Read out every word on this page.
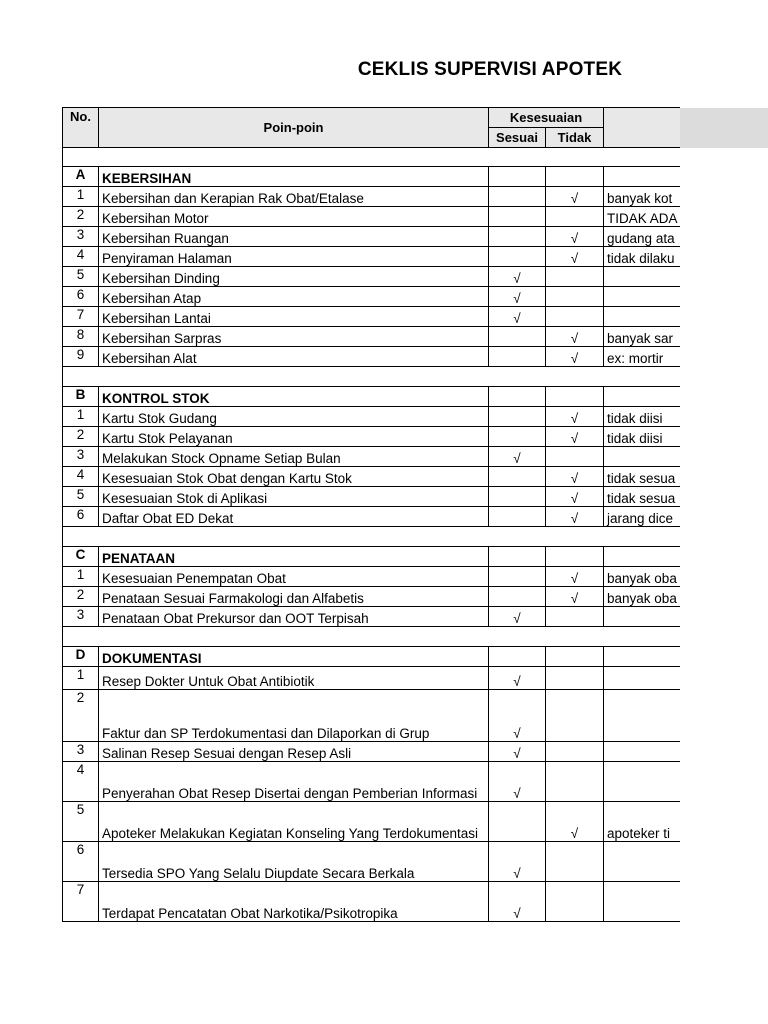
CEKLIS SUPERVISI APOTEK
No.	Poin-poin	Kesesuaian		
		Sesuai	Tidak	

A	KEBERSIHAN			
1	Kebersihan dan Kerapian Rak Obat/Etalase		√	banyak kot
2	Kebersihan Motor			TIDAK ADA
3	Kebersihan Ruangan		√	gudang ata
4	Penyiraman Halaman		√	tidak dilaku
5	Kebersihan Dinding	√		
6	Kebersihan Atap	√		
7	Kebersihan Lantai	√		
8	Kebersihan Sarpras		√	banyak sar
9	Kebersihan Alat		√	ex: mortir

B	KONTROL STOK			
1	Kartu Stok Gudang		√	tidak diisi
2	Kartu Stok Pelayanan		√	tidak diisi
3	Melakukan Stock Opname Setiap Bulan	√		
4	Kesesuaian Stok Obat dengan Kartu Stok		√	tidak sesua
5	Kesesuaian Stok di Aplikasi		√	tidak sesua
6	Daftar Obat ED Dekat		√	jarang dice

C	PENATAAN			
1	Kesesuaian Penempatan Obat		√	banyak oba
2	Penataan Sesuai Farmakologi dan Alfabetis		√	banyak oba
3	Penataan Obat Prekursor dan OOT Terpisah	√		

D	DOKUMENTASI			
1	Resep Dokter Untuk Obat Antibiotik	√		
2	Faktur dan SP Terdokumentasi dan Dilaporkan di Grup	√		
3	Salinan Resep Sesuai dengan Resep Asli	√		
4	Penyerahan Obat Resep Disertai dengan Pemberian Informasi	√		
5	Apoteker Melakukan Kegiatan Konseling Yang Terdokumentasi		√	apoteker ti
6	Tersedia SPO Yang Selalu Diupdate Secara Berkala	√		
7	Terdapat Pencatatan Obat Narkotika/Psikotropika	√		
